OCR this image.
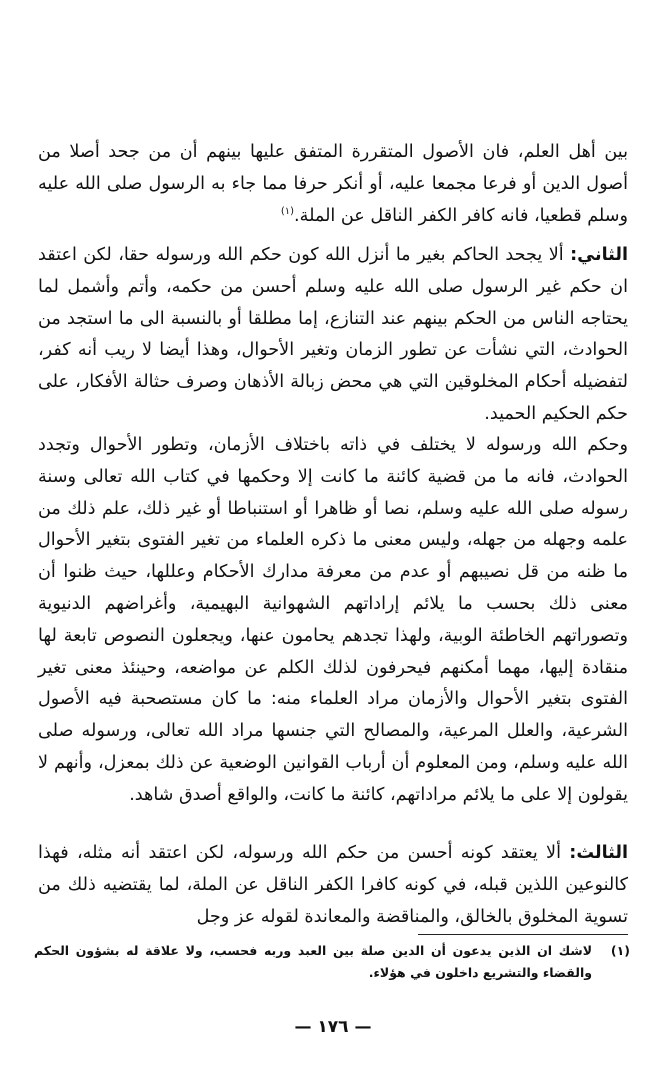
بين أهل العلم، فان الأصول المتقررة المتفق عليها بينهم أن من جحد أصلا من أصول الدين أو فرعا مجمعا عليه، أو أنكر حرفا مما جاء به الرسول صلى الله عليه وسلم قطعيا، فانه كافر الكفر الناقل عن الملة.$^{(١)}$

الثاني: ألا يجحد الحاكم بغير ما أنزل الله كون حكم الله ورسوله حقا، لكن اعتقد ان حكم غير الرسول صلى الله عليه وسلم أحسن من حكمه، وأتم وأشمل لما يحتاجه الناس من الحكم بينهم عند التنازع، إما مطلقا أو بالنسبة الى ما استجد من الحوادث، التي نشأت عن تطور الزمان وتغير الأحوال، وهذا أيضا لا ريب أنه كفر، لتفضيله أحكام المخلوقين التي هي محض زبالة الأذهان وصرف حثالة الأفكار، على حكم الحكيم الحميد.

وحكم الله ورسوله لا يختلف في ذاته باختلاف الأزمان، وتطور الأحوال وتجدد الحوادث، فانه ما من قضية كائنة ما كانت إلا وحكمها في كتاب الله تعالى وسنة رسوله صلى الله عليه وسلم، نصا أو ظاهرا أو استنباطا أو غير ذلك، علم ذلك من علمه وجهله من جهله، وليس معنى ما ذكره العلماء من تغير الفتوى بتغير الأحوال ما ظنه من قل نصيبهم أو عدم من معرفة مدارك الأحكام وعللها، حيث ظنوا أن معنى ذلك بحسب ما يلائم إراداتهم الشهوانية البهيمية، وأغراضهم الدنيوية وتصوراتهم الخاطئة الوبية، ولهذا تجدهم يحامون عنها، ويجعلون النصوص تابعة لها منقادة إليها، مهما أمكنهم فيحرفون لذلك الكلم عن مواضعه، وحينئذ معنى تغير الفتوى بتغير الأحوال والأزمان مراد العلماء منه: ما كان مستصحبة فيه الأصول الشرعية، والعلل المرعية، والمصالح التي جنسها مراد الله تعالى، ورسوله صلى الله عليه وسلم، ومن المعلوم أن أرباب القوانين الوضعية عن ذلك بمعزل، وأنهم لا يقولون إلا على ما يلائم مراداتهم، كائنة ما كانت، والواقع أصدق شاهد.

الثالث: ألا يعتقد كونه أحسن من حكم الله ورسوله، لكن اعتقد أنه مثله، فهذا كالنوعين اللذين قبله، في كونه كافرا الكفر الناقل عن الملة، لما يقتضيه ذلك من تسوية المخلوق بالخالق، والمناقضة والمعاندة لقوله عز وجل

(١)
لاشك ان الذين يدعون أن الدين صلة بين العبد وربه فحسب، ولا علاقة له بشؤون الحكم والقضاء والتشريع داخلون في هؤلاء.
— ١٧٦ —
